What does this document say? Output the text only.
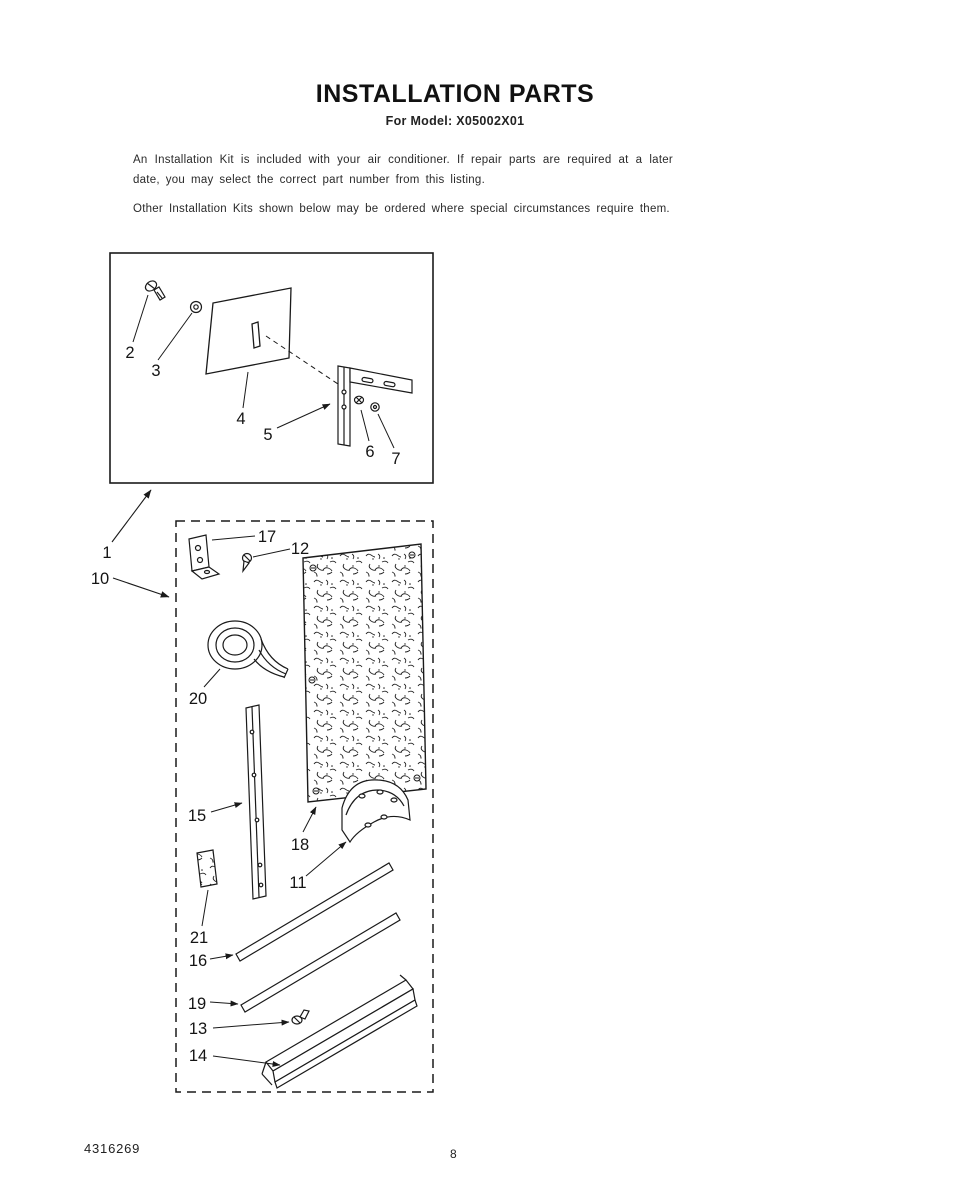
INSTALLATION PARTS
For Model: X05002X01

An Installation Kit is included with your air conditioner. If repair parts are required at a later date, you may select the correct part number from this listing.

Other Installation Kits shown below may be ordered where special circumstances require them.

2
3
4
5
6 7
1
10
17
12
18
20
15
21
11
16
19
13
14
4316269	8
